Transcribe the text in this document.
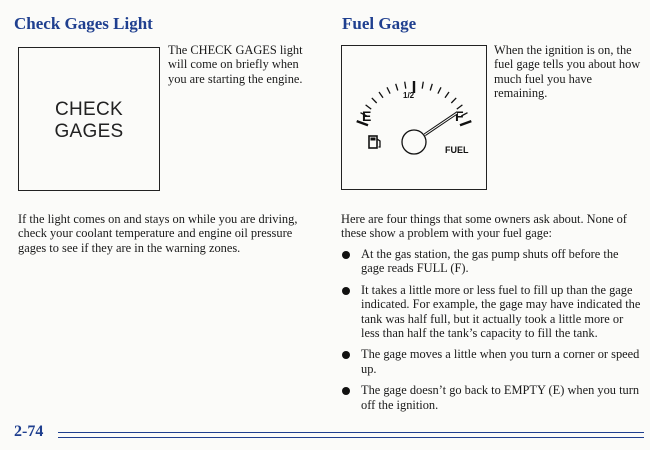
Check Gages Light
CHECK
GAGES
The CHECK GAGES light will come on briefly when you are starting the engine.
If the light comes on and stays on while you are driving, check your coolant temperature and engine oil pressure gages to see if they are in the warning zones.
Fuel Gage
E	F
1/2
FUEL
When the ignition is on, the fuel gage tells you about how much fuel you have remaining.
Here are four things that some owners ask about. None of these show a problem with your fuel gage:
At the gas station, the gas pump shuts off before the gage reads FULL (F).
It takes a little more or less fuel to fill up than the gage indicated. For example, the gage may have indicated the tank was half full, but it actually took a little more or less than half the tank’s capacity to fill the tank.
The gage moves a little when you turn a corner or speed up.
The gage doesn’t go back to EMPTY (E) when you turn off the ignition.
2-74
